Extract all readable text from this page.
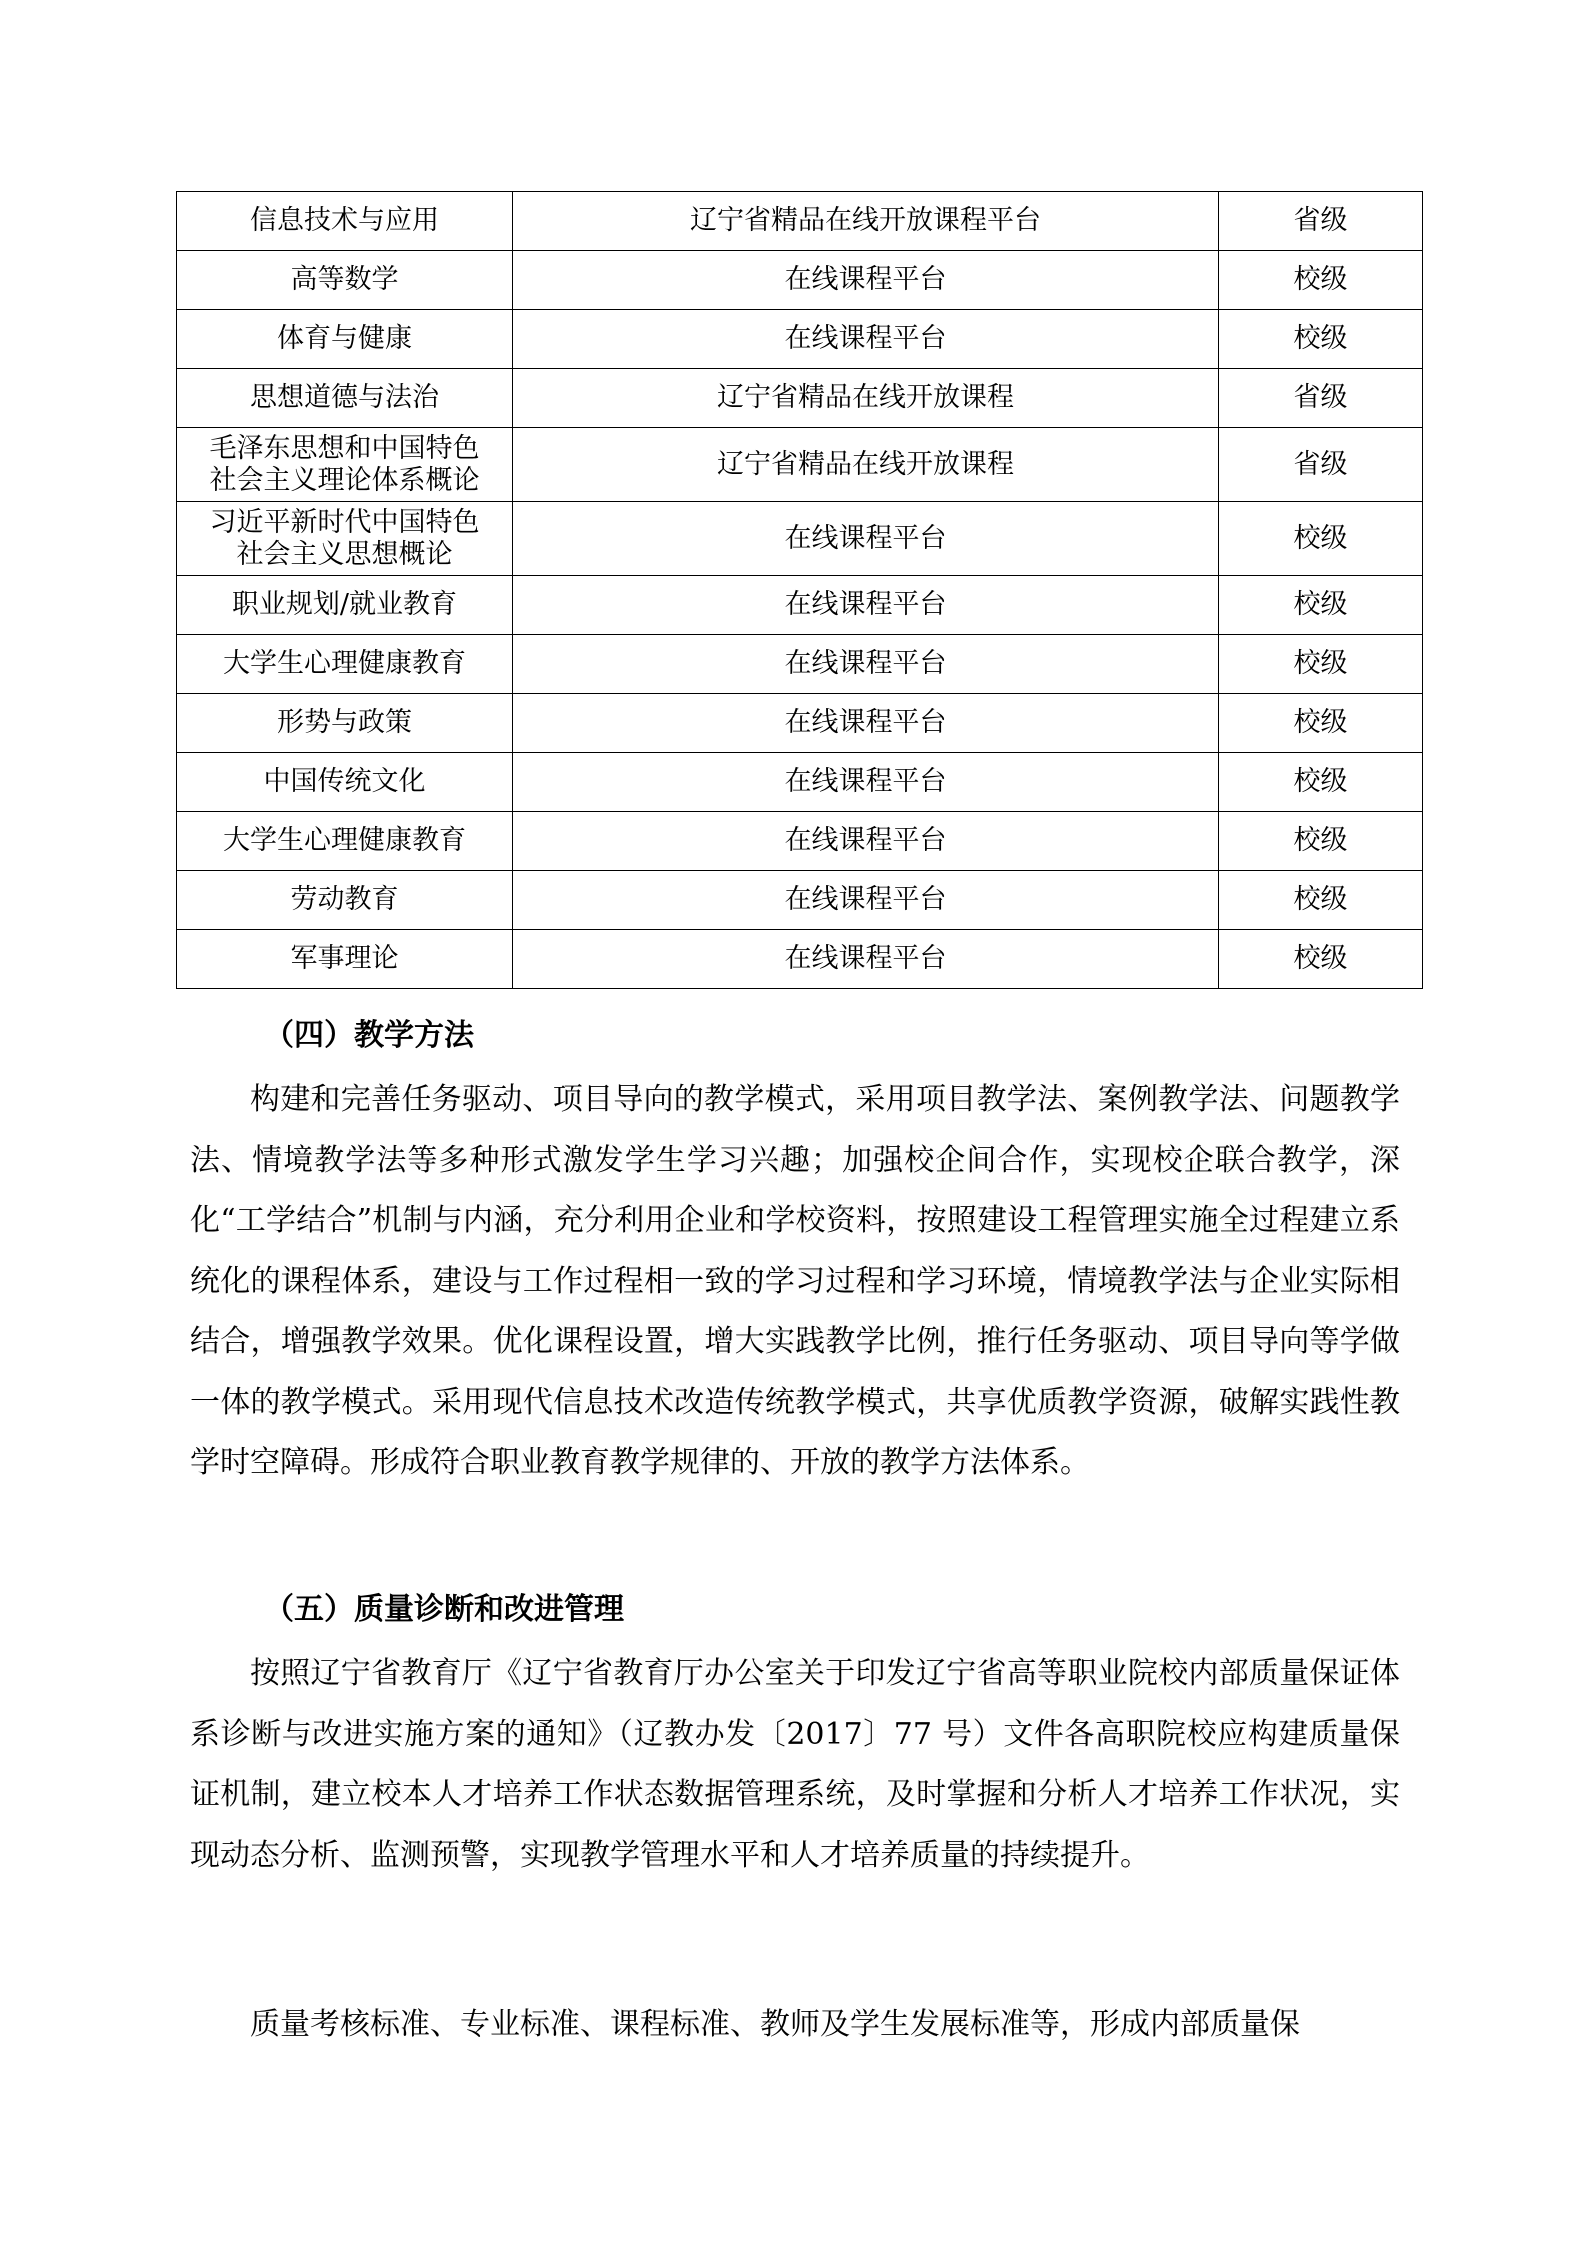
信息技术与应用	辽宁省精品在线开放课程平台	省级
高等数学	在线课程平台	校级
体育与健康	在线课程平台	校级
思想道德与法治	辽宁省精品在线开放课程	省级

毛泽东思想和中国特色
社会主义理论体系概论	辽宁省精品在线开放课程	省级

习近平新时代中国特色
社会主义思想概论	在线课程平台	校级
职业规划/就业教育	在线课程平台	校级
大学生心理健康教育	在线课程平台	校级
形势与政策	在线课程平台	校级
中国传统文化	在线课程平台	校级
大学生心理健康教育	在线课程平台	校级
劳动教育	在线课程平台	校级
军事理论	在线课程平台	校级
（四）教学方法

构建和完善任务驱动、项目导向的教学模式，采用项目教学法、案例教学法、问题教学法、情境教学法等多种形式激发学生学习兴趣；加强校企间合作，实现校企联合教学，深化“工学结合”机制与内涵，充分利用企业和学校资料，按照建设工程管理实施全过程建立系统化的课程体系，建设与工作过程相一致的学习过程和学习环境，情境教学法与企业实际相结合，增强教学效果。优化课程设置，增大实践教学比例，推行任务驱动、项目导向等学做一体的教学模式。采用现代信息技术改造传统教学模式，共享优质教学资源，破解实践性教学时空障碍。形成符合职业教育教学规律的、开放的教学方法体系。

（五）质量诊断和改进管理

按照辽宁省教育厅《辽宁省教育厅办公室关于印发辽宁省高等职业院校内部质量保证体系诊断与改进实施方案的通知》（辽教办发〔2017〕77 号）文件各高职院校应构建质量保证机制，建立校本人才培养工作状态数据管理系统，及时掌握和分析人才培养工作状况，实现动态分析、监测预警，实现教学管理水平和人才培养质量的持续提升。

质量考核标准、专业标准、课程标准、教师及学生发展标准等，形成内部质量保
